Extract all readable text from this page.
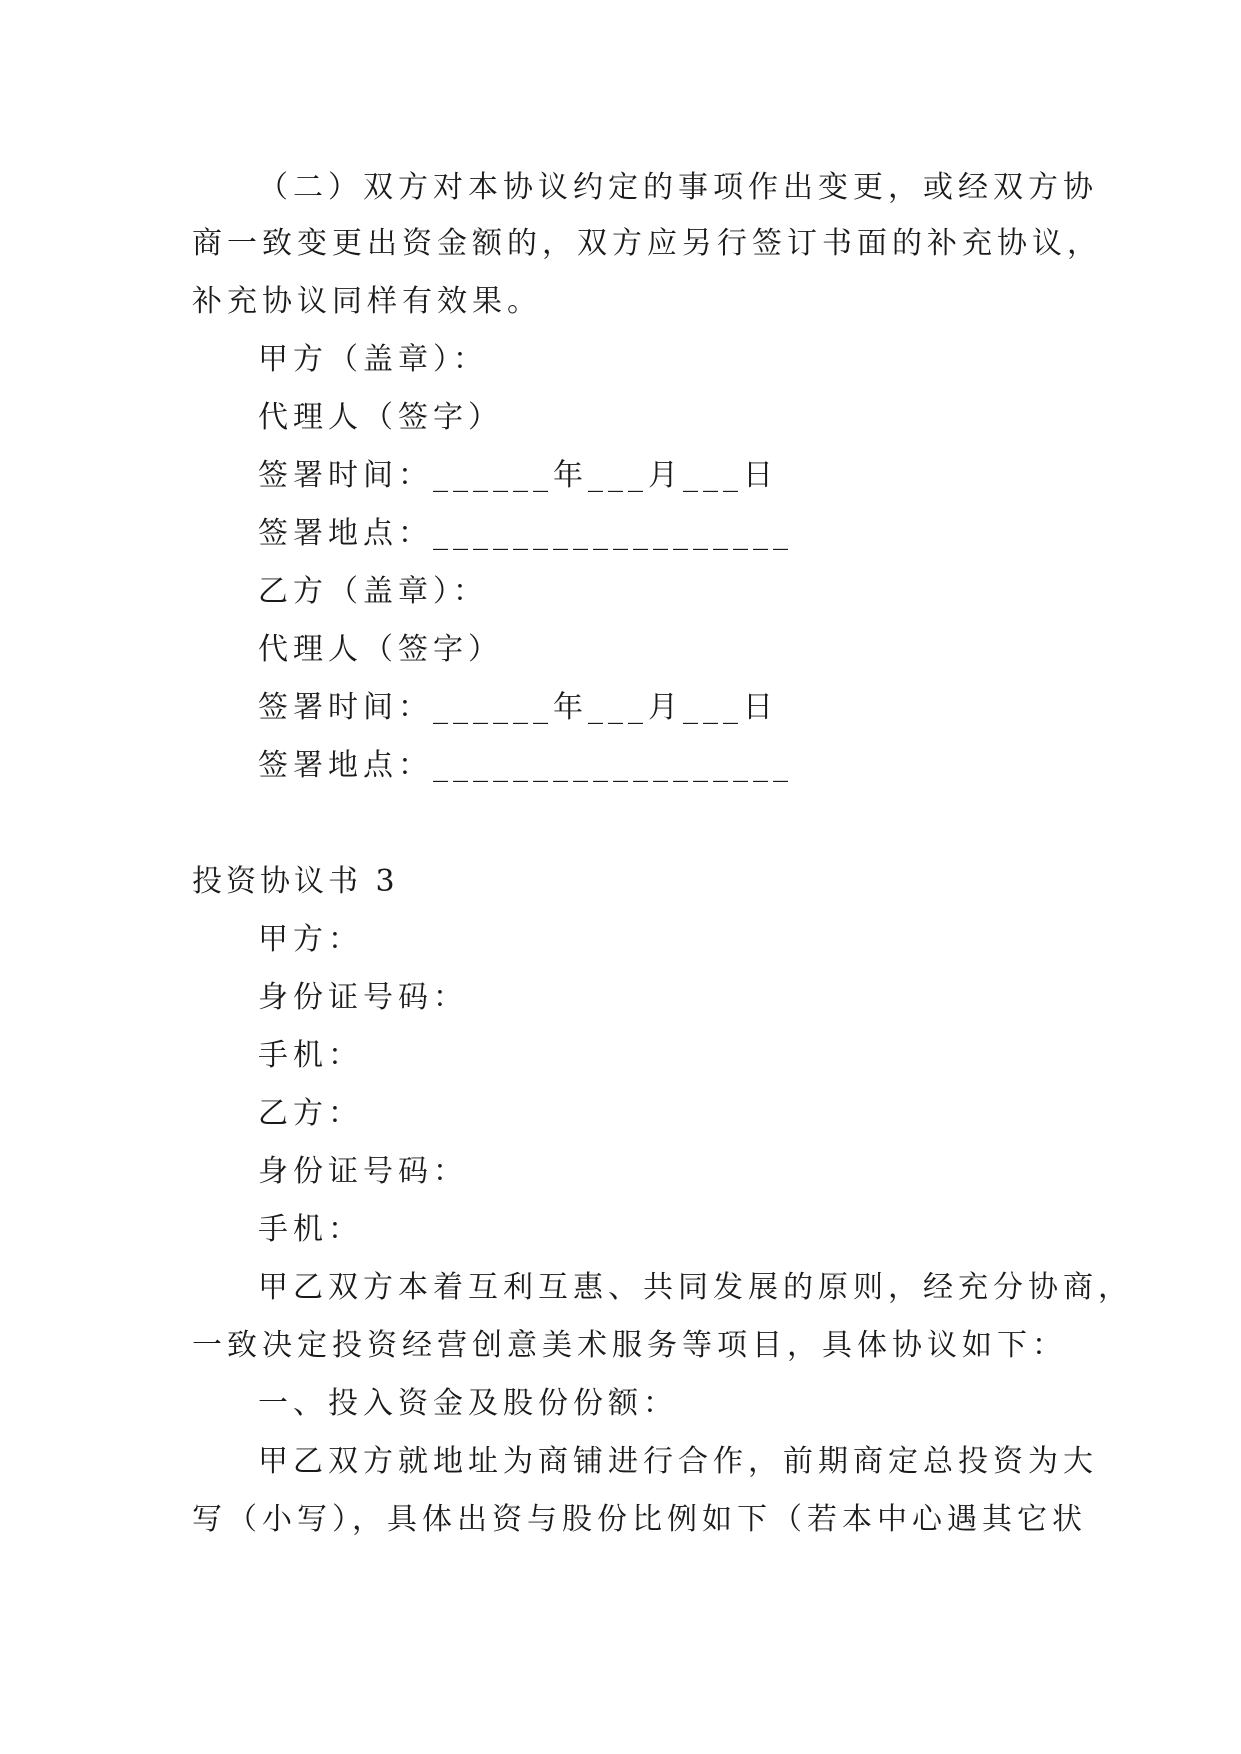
（二）双方对本协议约定的事项作出变更，或经双方协
商一致变更出资金额的，双方应另行签订书面的补充协议，
补充协议同样有效果。
甲方（盖章）：
代理人（签字）
签署时间：______年___月___日
签署地点：__________________
乙方（盖章）：
代理人（签字）
签署时间：______年___月___日
签署地点：__________________
投资协议书 3
甲方：
身份证号码：
手机：
乙方：
身份证号码：
手机：
甲乙双方本着互利互惠、共同发展的原则，经充分协商，
一致决定投资经营创意美术服务等项目，具体协议如下：
一、投入资金及股份份额：
甲乙双方就地址为商铺进行合作，前期商定总投资为大
写（小写），具体出资与股份比例如下（若本中心遇其它状
